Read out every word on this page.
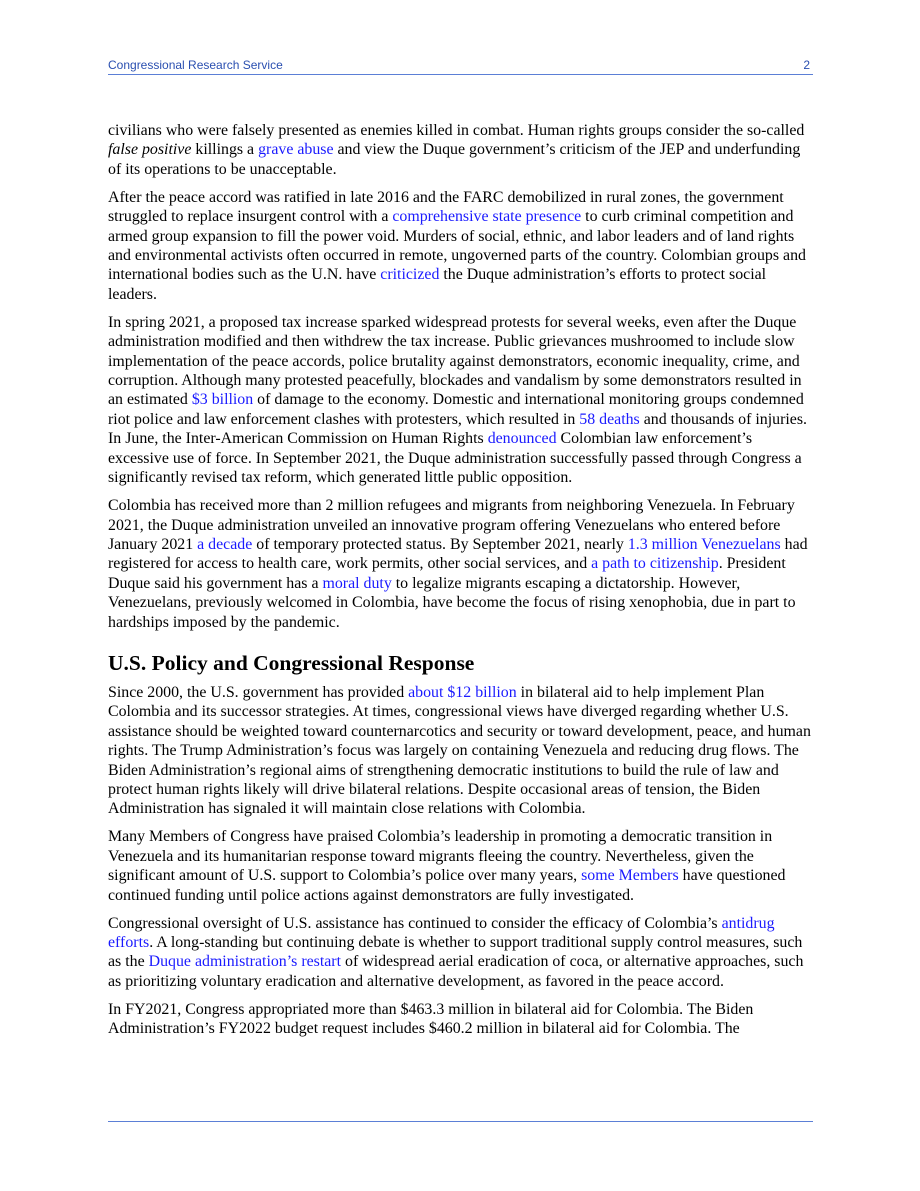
Congressional Research Service	2

civilians who were falsely presented as enemies killed in combat. Human rights groups consider the so-called false positive killings a grave abuse and view the Duque government’s criticism of the JEP and underfunding of its operations to be unacceptable.

After the peace accord was ratified in late 2016 and the FARC demobilized in rural zones, the government struggled to replace insurgent control with a comprehensive state presence to curb criminal competition and armed group expansion to fill the power void. Murders of social, ethnic, and labor leaders and of land rights and environmental activists often occurred in remote, ungoverned parts of the country. Colombian groups and international bodies such as the U.N. have criticized the Duque administration’s efforts to protect social leaders.

In spring 2021, a proposed tax increase sparked widespread protests for several weeks, even after the Duque administration modified and then withdrew the tax increase. Public grievances mushroomed to include slow implementation of the peace accords, police brutality against demonstrators, economic inequality, crime, and corruption. Although many protested peacefully, blockades and vandalism by some demonstrators resulted in an estimated $3 billion of damage to the economy. Domestic and international monitoring groups condemned riot police and law enforcement clashes with protesters, which resulted in 58 deaths and thousands of injuries. In June, the Inter-American Commission on Human Rights denounced Colombian law enforcement’s excessive use of force. In September 2021, the Duque administration successfully passed through Congress a significantly revised tax reform, which generated little public opposition.

Colombia has received more than 2 million refugees and migrants from neighboring Venezuela. In February 2021, the Duque administration unveiled an innovative program offering Venezuelans who entered before January 2021 a decade of temporary protected status. By September 2021, nearly 1.3 million Venezuelans had registered for access to health care, work permits, other social services, and a path to citizenship. President Duque said his government has a moral duty to legalize migrants escaping a dictatorship. However, Venezuelans, previously welcomed in Colombia, have become the focus of rising xenophobia, due in part to hardships imposed by the pandemic.

U.S. Policy and Congressional Response

Since 2000, the U.S. government has provided about $12 billion in bilateral aid to help implement Plan Colombia and its successor strategies. At times, congressional views have diverged regarding whether U.S. assistance should be weighted toward counternarcotics and security or toward development, peace, and human rights. The Trump Administration’s focus was largely on containing Venezuela and reducing drug flows. The Biden Administration’s regional aims of strengthening democratic institutions to build the rule of law and protect human rights likely will drive bilateral relations. Despite occasional areas of tension, the Biden Administration has signaled it will maintain close relations with Colombia.

Many Members of Congress have praised Colombia’s leadership in promoting a democratic transition in Venezuela and its humanitarian response toward migrants fleeing the country. Nevertheless, given the significant amount of U.S. support to Colombia’s police over many years, some Members have questioned continued funding until police actions against demonstrators are fully investigated.

Congressional oversight of U.S. assistance has continued to consider the efficacy of Colombia’s antidrug efforts. A long-standing but continuing debate is whether to support traditional supply control measures, such as the Duque administration’s restart of widespread aerial eradication of coca, or alternative approaches, such as prioritizing voluntary eradication and alternative development, as favored in the peace accord.

In FY2021, Congress appropriated more than $463.3 million in bilateral aid for Colombia. The Biden Administration’s FY2022 budget request includes $460.2 million in bilateral aid for Colombia. The
